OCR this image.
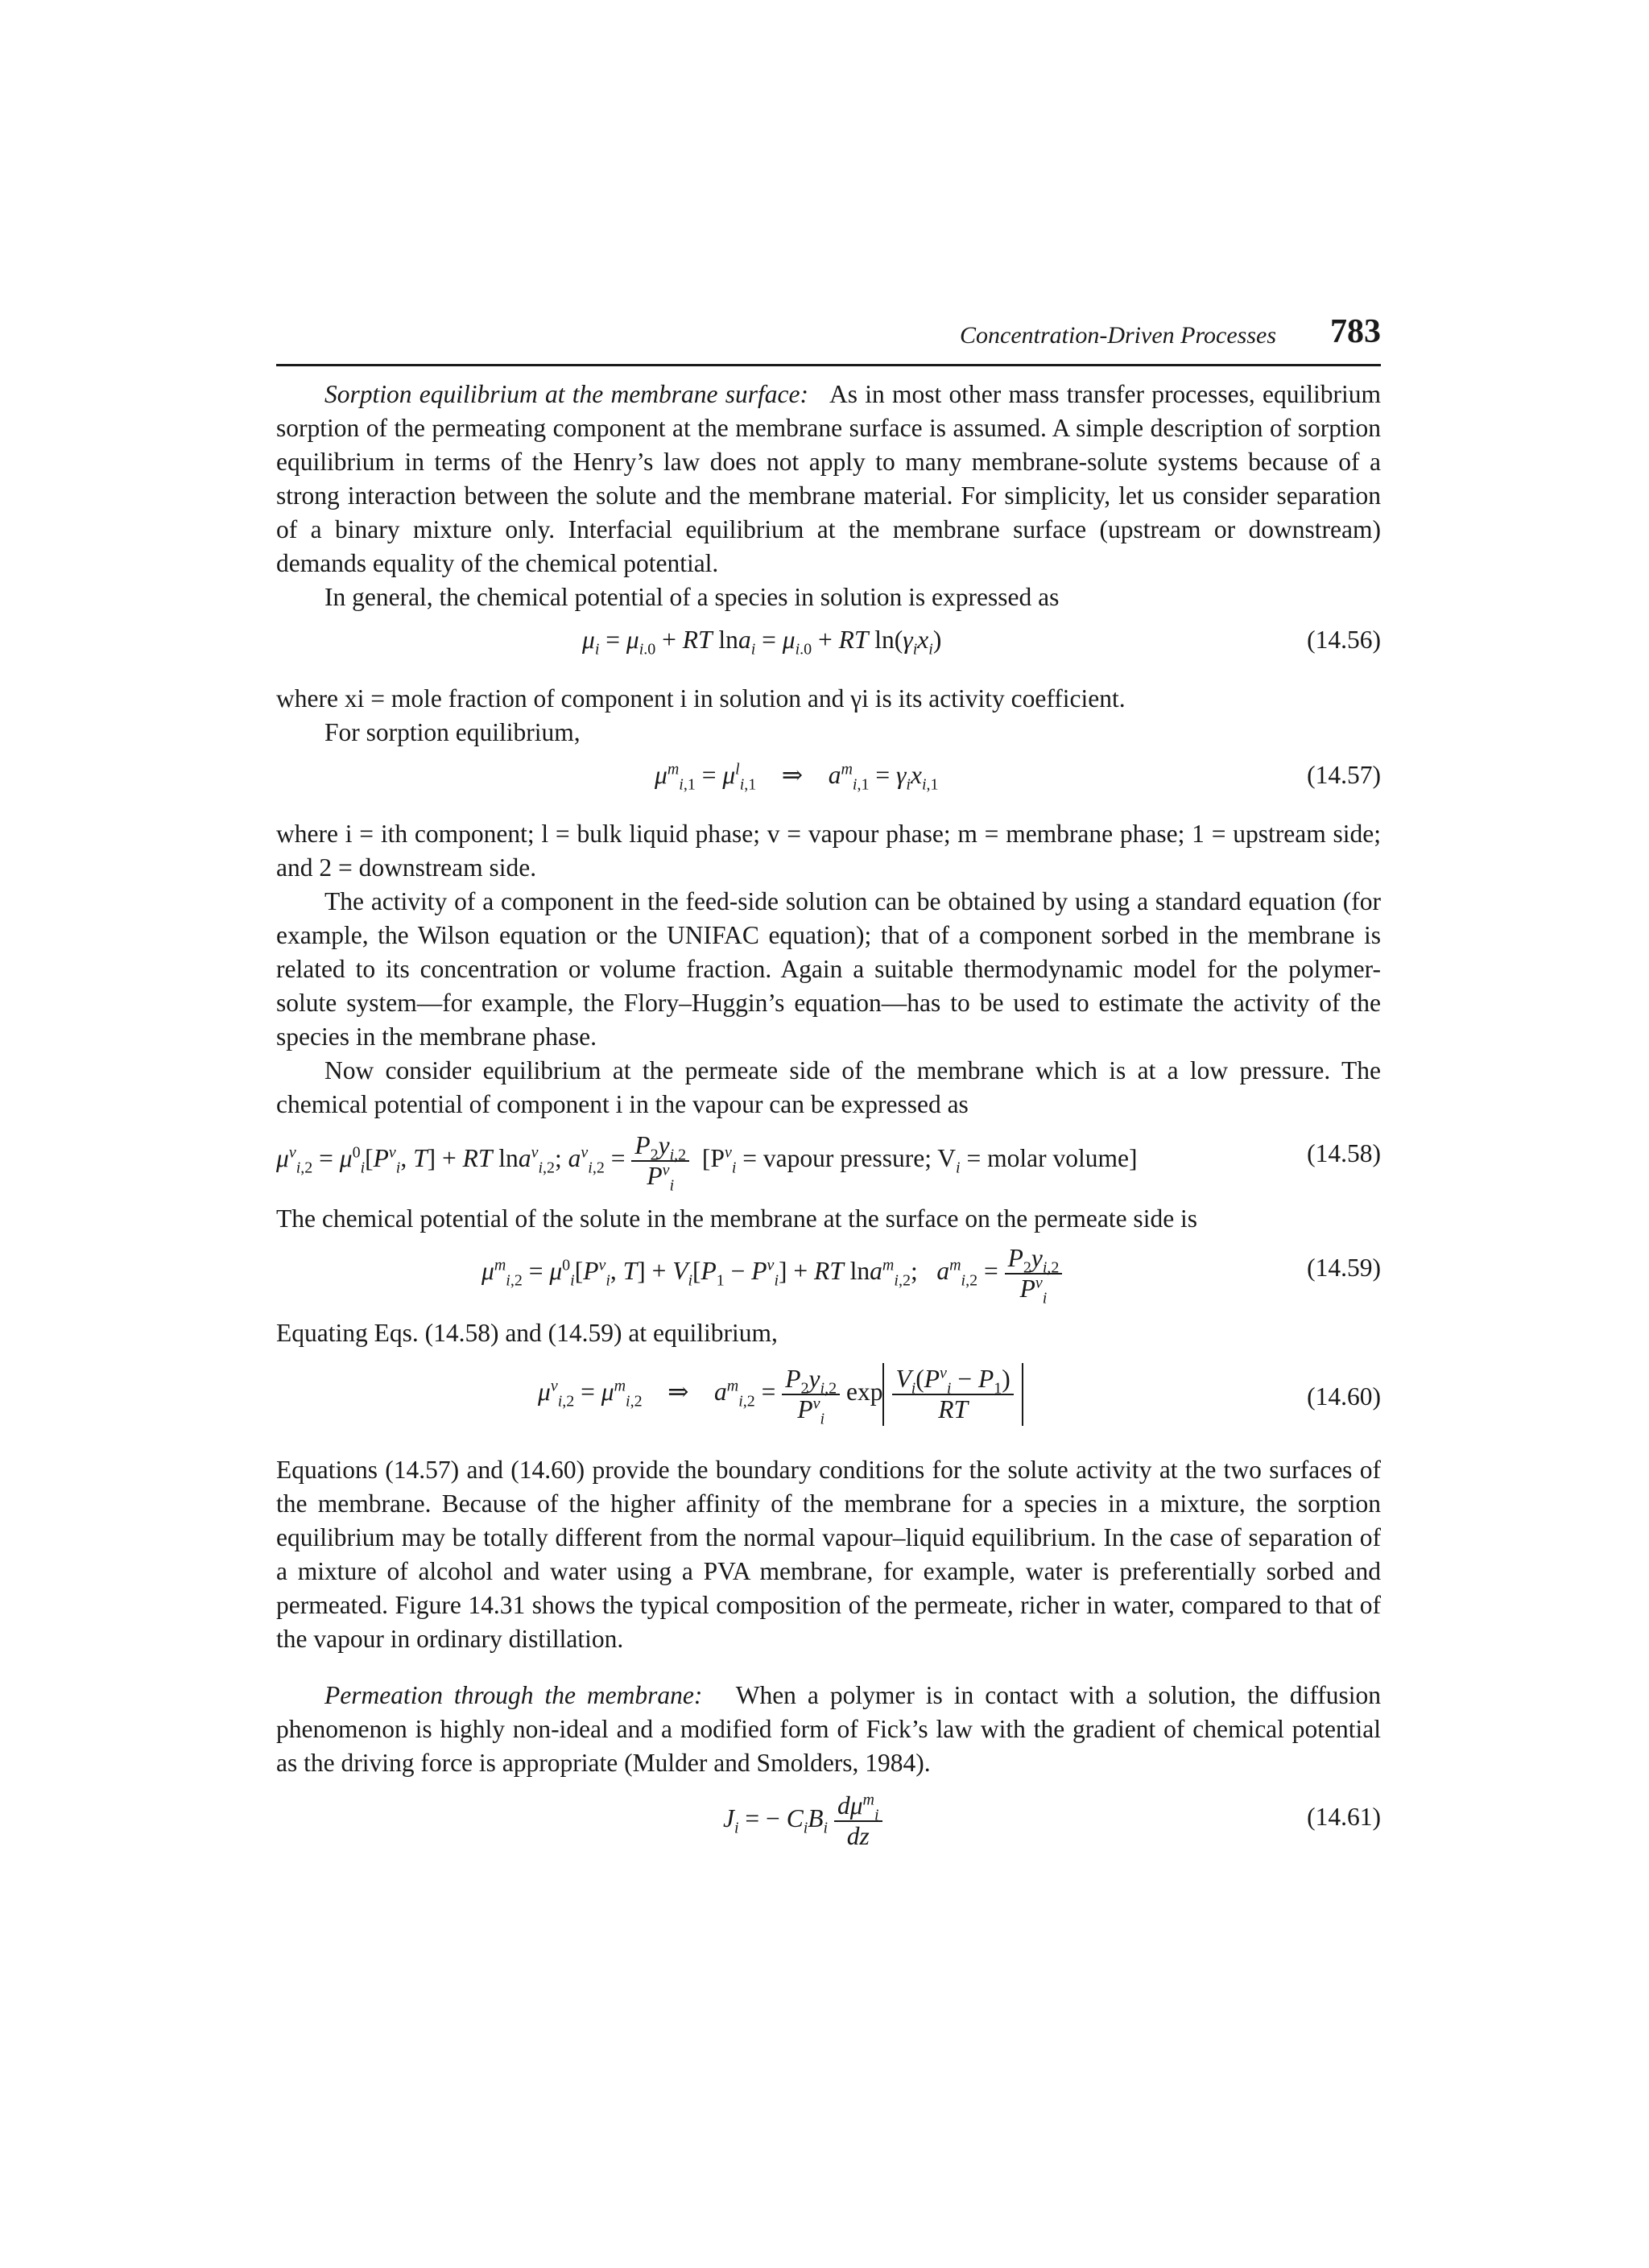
Concentration-Driven Processes 783

Sorption equilibrium at the membrane surface: As in most other mass transfer processes, equilibrium sorption of the permeating component at the membrane surface is assumed. A simple description of sorption equilibrium in terms of the Henry’s law does not apply to many membrane-solute systems because of a strong interaction between the solute and the membrane material. For simplicity, let us consider separation of a binary mixture only. Interfacial equilibrium at the membrane surface (upstream or downstream) demands equality of the chemical potential.

In general, the chemical potential of a species in solution is expressed as

$\mu_i = \mu_{i.0}$ + RT $\ln a_i = \mu_{i.0}$ + RT $\ln(\gamma_ix_i)$	(14.56)

where xi = mole fraction of component i in solution and γi is its activity coefficient.

For sorption equilibrium,

$\mu^m_{i,1} = \mu^l_{i,1}$    ⇒    $a^m_{i,1} = \gamma_ix_{i,1}$	(14.57)

where i = ith component; l = bulk liquid phase; v = vapour phase; m = membrane phase; 1 = upstream side; and 2 = downstream side.

The activity of a component in the feed-side solution can be obtained by using a standard equation (for example, the Wilson equation or the UNIFAC equation); that of a component sorbed in the membrane is related to its concentration or volume fraction. Again a suitable thermodynamic model for the polymer-solute system—for example, the Flory–Huggin’s equation—has to be used to estimate the activity of the species in the membrane phase.

Now consider equilibrium at the permeate side of the membrane which is at a low pressure. The chemical potential of component i in the vapour can be expressed as

$\mu^v_{i,2} = \mu^0_i[P^v_i$, T] + RT lna$^v_{i,2}$; $a^v_{i,2} = \frac{P_2y_{i,2}}{P^v_i} [P^v_i$ = vapour pressure; $V_i$ = molar volume]	(14.58)

The chemical potential of the solute in the membrane at the surface on the permeate side is

$\mu^m_{i,2} = \mu^0_i[P^v_i$, $T] + V_i[P_1 - P^v_i]$ + RT lna$^m_{i,2}$;   $a^m_{i,2} = \frac{P_2y_{i,2}}{P^v_i}$	(14.59)

Equating Eqs. (14.58) and (14.59) at equilibrium,

$\mu^v_{i,2} = \mu^m_{i,2}$    ⇒    $a^m_{i,2} = \frac{P_2y_{i,2}}{P^v_i}$ $\exp \frac{V_i(P^v_i - P_1)}{RT}$	(14.60)

Equations (14.57) and (14.60) provide the boundary conditions for the solute activity at the two surfaces of the membrane. Because of the higher affinity of the membrane for a species in a mixture, the sorption equilibrium may be totally different from the normal vapour–liquid equilibrium. In the case of separation of a mixture of alcohol and water using a PVA membrane, for example, water is preferentially sorbed and permeated. Figure 14.31 shows the typical composition of the permeate, richer in water, compared to that of the vapour in ordinary distillation.

Permeation through the membrane: When a polymer is in contact with a solution, the diffusion phenomenon is highly non-ideal and a modified form of Fick’s law with the gradient of chemical potential as the driving force is appropriate (Mulder and Smolders, 1984).

$J_i$ = − $C_iB_i \frac{d\mu^m_i}{dz}$	(14.61)
